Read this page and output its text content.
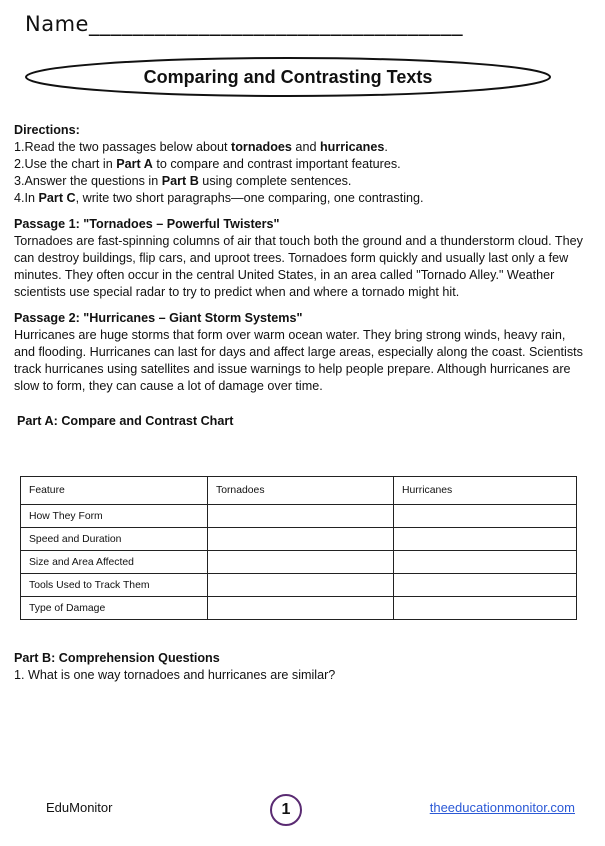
Name__________________________________
Comparing and Contrasting Texts
Directions:
1.Read the two passages below about tornadoes and hurricanes.
2.Use the chart in Part A to compare and contrast important features.
3.Answer the questions in Part B using complete sentences.
4.In Part C, write two short paragraphs—one comparing, one contrasting.
Passage 1: "Tornadoes – Powerful Twisters"

Tornadoes are fast-spinning columns of air that touch both the ground and a thunderstorm cloud. They can destroy buildings, flip cars, and uproot trees. Tornadoes form quickly and usually last only a few minutes. They often occur in the central United States, in an area called "Tornado Alley." Weather scientists use special radar to try to predict when and where a tornado might hit.

Passage 2: "Hurricanes – Giant Storm Systems"

Hurricanes are huge storms that form over warm ocean water. They bring strong winds, heavy rain, and flooding. Hurricanes can last for days and affect large areas, especially along the coast. Scientists track hurricanes using satellites and issue warnings to help people prepare. Although hurricanes are slow to form, they can cause a lot of damage over time.

Part A: Compare and Contrast Chart
Feature	Tornadoes	Hurricanes
How They Form		
Speed and Duration		
Size and Area Affected		
Tools Used to Track Them		
Type of Damage		
Part B: Comprehension Questions
1. What is one way tornadoes and hurricanes are similar?
EduMonitor	1	theeducationmonitor.com
